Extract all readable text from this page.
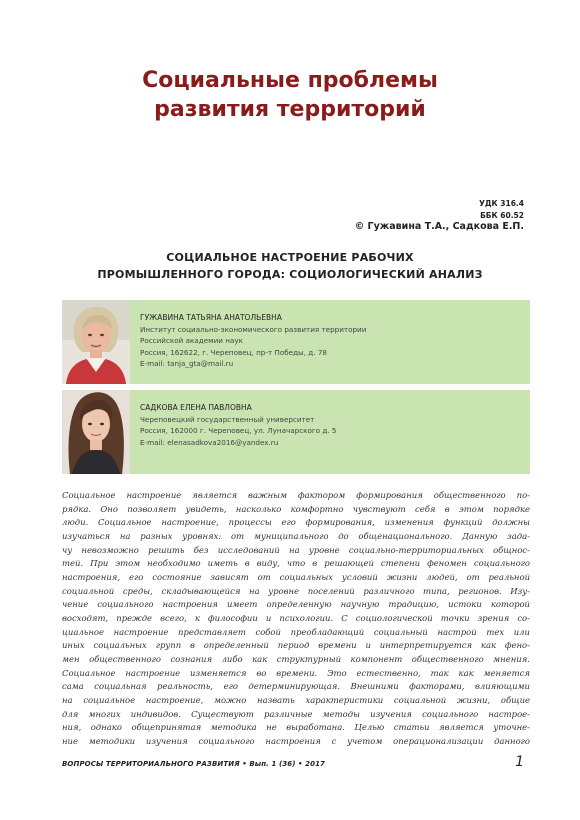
Социальные проблемы
развития территорий
УДК 316.4
ББК 60.52
© Гужавина Т.А., Садкова Е.П.
СОЦИАЛЬНОЕ НАСТРОЕНИЕ РАБОЧИХ
ПРОМЫШЛЕННОГО ГОРОДА: СОЦИОЛОГИЧЕСКИЙ АНАЛИЗ
ГУЖАВИНА ТАТЬЯНА АНАТОЛЬЕВНА
Институт социально-экономического развития территории
Российской академии наук
Россия, 162622, г. Череповец, пр-т Победы, д. 78
E-mail: tanja_gta@mail.ru
САДКОВА ЕЛЕНА ПАВЛОВНА
Череповецкий государственный университет
Россия, 162000 г. Череповец, ул. Луначарского д. 5
E-mail: elenasadkova2016@yandex.ru
Социальное настроение является важным фактором формирования общественного по-
рядка. Оно позволяет увидеть, насколько комфортно чувствуют себя в этом порядке
люди. Социальное настроение, процессы его формирования, изменения функций должны
изучаться на разных уровнях: от муниципального до общенационального. Данную зада-
чу невозможно решить без исследований на уровне социально-территориальных общнос-
тей. При этом необходимо иметь в виду, что в решающей степени феномен социального
настроения, его состояние зависят от социальных условий жизни людей, от реальной
социальной среды, складывающейся на уровне поселений различного типа, регионов. Изу-
чение социального настроения имеет определенную научную традицию, истоки которой
восходят, прежде всего, к философии и психологии. С социологической точки зрения со-
циальное настроение представляет собой преобладающий социальный настрой тех или
иных социальных групп в определенный период времени и интерпретируется как фено-
мен общественного сознания либо как структурный компонент общественного мнения.
Социальное настроение изменяется во времени. Это естественно, так как меняется
сама социальная реальность, его детерминирующая. Внешними факторами, влияющими
на социальное настроение, можно назвать характеристики социальной жизни, общие
для многих индивидов. Существуют различные методы изучения социального настрое-
ния, однако общепринятая методика не выработана. Целью статьи является уточне-
ние методики изучения социального настроения с учетом операционализации данного
ВОПРОСЫ ТЕРРИТОРИАЛЬНОГО РАЗВИТИЯ • Вып. 1 (36) • 2017	1
